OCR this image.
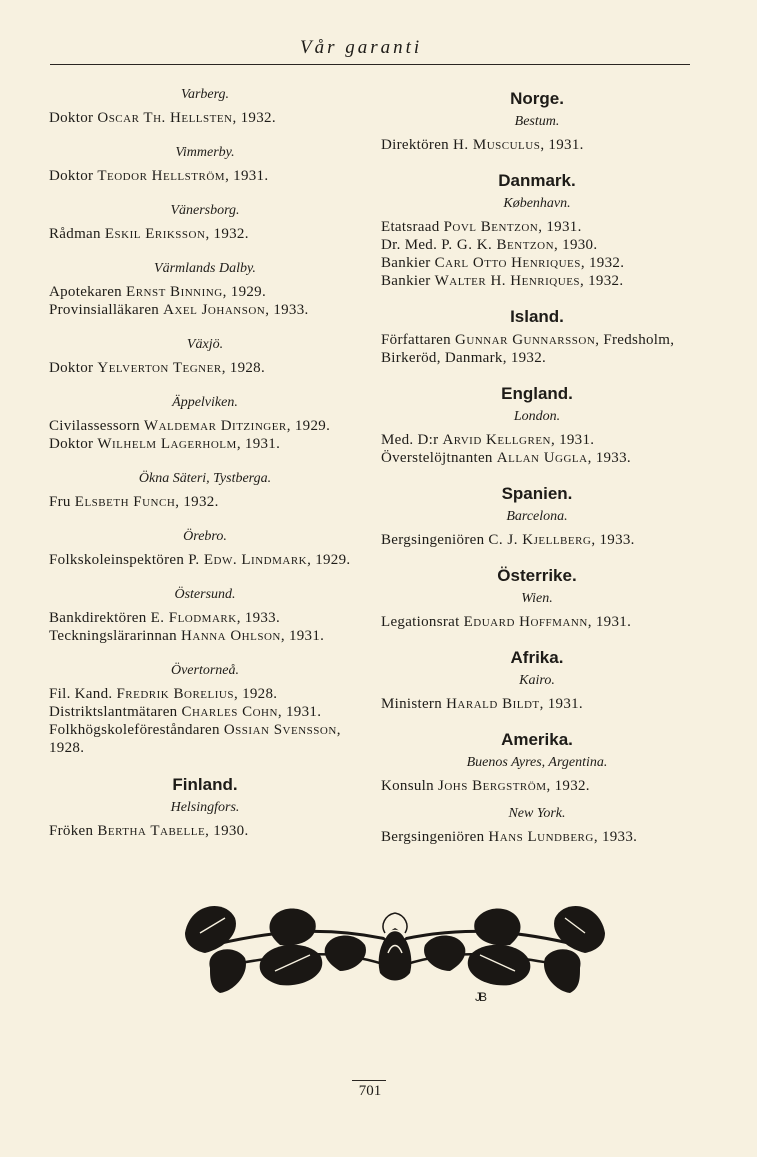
Vår garanti

Varberg.

Doktor Oscar Th. Hellsten, 1932.

Vimmerby.

Doktor Teodor Hellström, 1931.

Vänersborg.

Rådman Eskil Eriksson, 1932.

Värmlands Dalby.

Apotekaren Ernst Binning, 1929.

Provinsialläkaren Axel Johanson, 1933.

Växjö.

Doktor Yelverton Tegner, 1928.

Äppelviken.

Civilassessorn Waldemar Ditzinger, 1929.

Doktor Wilhelm Lagerholm, 1931.

Ökna Säteri, Tystberga.

Fru Elsbeth Funch, 1932.

Örebro.

Folkskoleinspektören P. Edw. Lindmark, 1929.

Östersund.

Bankdirektören E. Flodmark, 1933.

Teckningslärarinnan Hanna Ohlson, 1931.

Övertorneå.

Fil. Kand. Fredrik Borelius, 1928.

Distriktslantmätaren Charles Cohn, 1931.

Folkhögskoleföreståndaren Ossian Svensson, 1928.

Finland.

Helsingfors.

Fröken Bertha Tabelle, 1930.

Norge.

Bestum.

Direktören H. Musculus, 1931.

Danmark.

København.

Etatsraad Povl Bentzon, 1931.

Dr. Med. P. G. K. Bentzon, 1930.

Bankier Carl Otto Henriques, 1932.

Bankier Walter H. Henriques, 1932.

Island.

Författaren Gunnar Gunnarsson, Fredsholm, Birkeröd, Danmark, 1932.

England.

London.

Med. D:r Arvid Kellgren, 1931.

Överstelöjtnanten Allan Uggla, 1933.

Spanien.

Barcelona.

Bergsingeniören C. J. Kjellberg, 1933.

Österrike.

Wien.

Legationsrat Eduard Hoffmann, 1931.

Afrika.

Kairo.

Ministern Harald Bildt, 1931.

Amerika.

Buenos Ayres, Argentina.

Konsuln Johs Bergström, 1932.

New York.

Bergsingeniören Hans Lundberg, 1933.

JB
701
